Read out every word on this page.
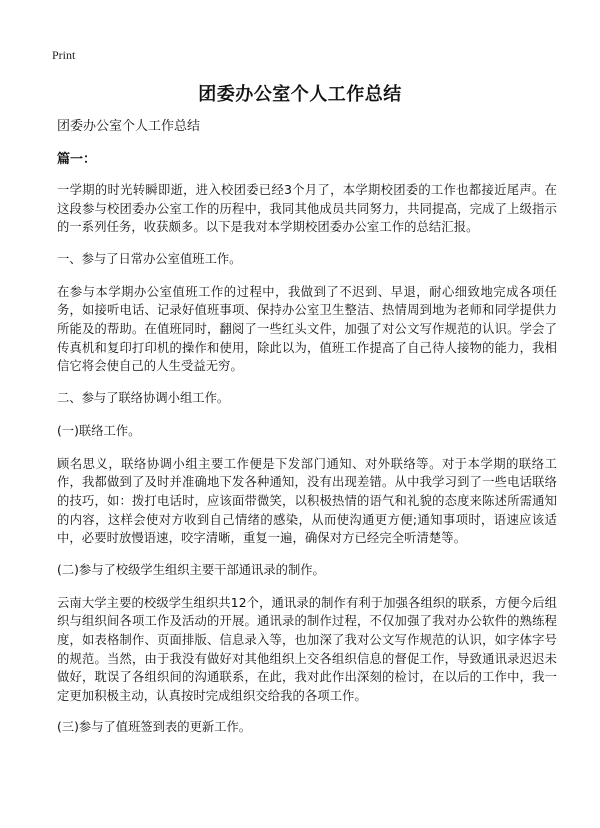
Print
团委办公室个人工作总结
团委办公室个人工作总结
篇一：
一学期的时光转瞬即逝，进入校团委已经3个月了，本学期校团委的工作也都接近尾声。在这段参与校团委办公室工作的历程中，我同其他成员共同努力，共同提高，完成了上级指示的一系列任务，收获颇多。以下是我对本学期校团委办公室工作的总结汇报。
一、参与了日常办公室值班工作。
在参与本学期办公室值班工作的过程中，我做到了不迟到、早退，耐心细致地完成各项任务，如接听电话、记录好值班事项、保持办公室卫生整洁、热情周到地为老师和同学提供力所能及的帮助。在值班同时，翻阅了一些红头文件，加强了对公文写作规范的认识。学会了传真机和复印打印机的操作和使用，除此以为，值班工作提高了自己待人接物的能力，我相信它将会使自己的人生受益无穷。
二、参与了联络协调小组工作。
(一)联络工作。
顾名思义，联络协调小组主要工作便是下发部门通知、对外联络等。对于本学期的联络工作，我都做到了及时并准确地下发各种通知，没有出现差错。从中我学习到了一些电话联络的技巧，如：拨打电话时，应该面带微笑，以积极热情的语气和礼貌的态度来陈述所需通知的内容，这样会使对方收到自己情绪的感染，从而使沟通更方便;通知事项时，语速应该适中，必要时放慢语速，咬字清晰，重复一遍，确保对方已经完全听清楚等。
(二)参与了校级学生组织主要干部通讯录的制作。
云南大学主要的校级学生组织共12个，通讯录的制作有利于加强各组织的联系，方便今后组织与组织间各项工作及活动的开展。通讯录的制作过程，不仅加强了我对办公软件的熟练程度，如表格制作、页面排版、信息录入等，也加深了我对公文写作规范的认识，如字体字号的规范。当然，由于我没有做好对其他组织上交各组织信息的督促工作，导致通讯录迟迟未做好，耽误了各组织间的沟通联系，在此，我对此作出深刻的检讨，在以后的工作中，我一定更加积极主动，认真按时完成组织交给我的各项工作。
(三)参与了值班签到表的更新工作。
